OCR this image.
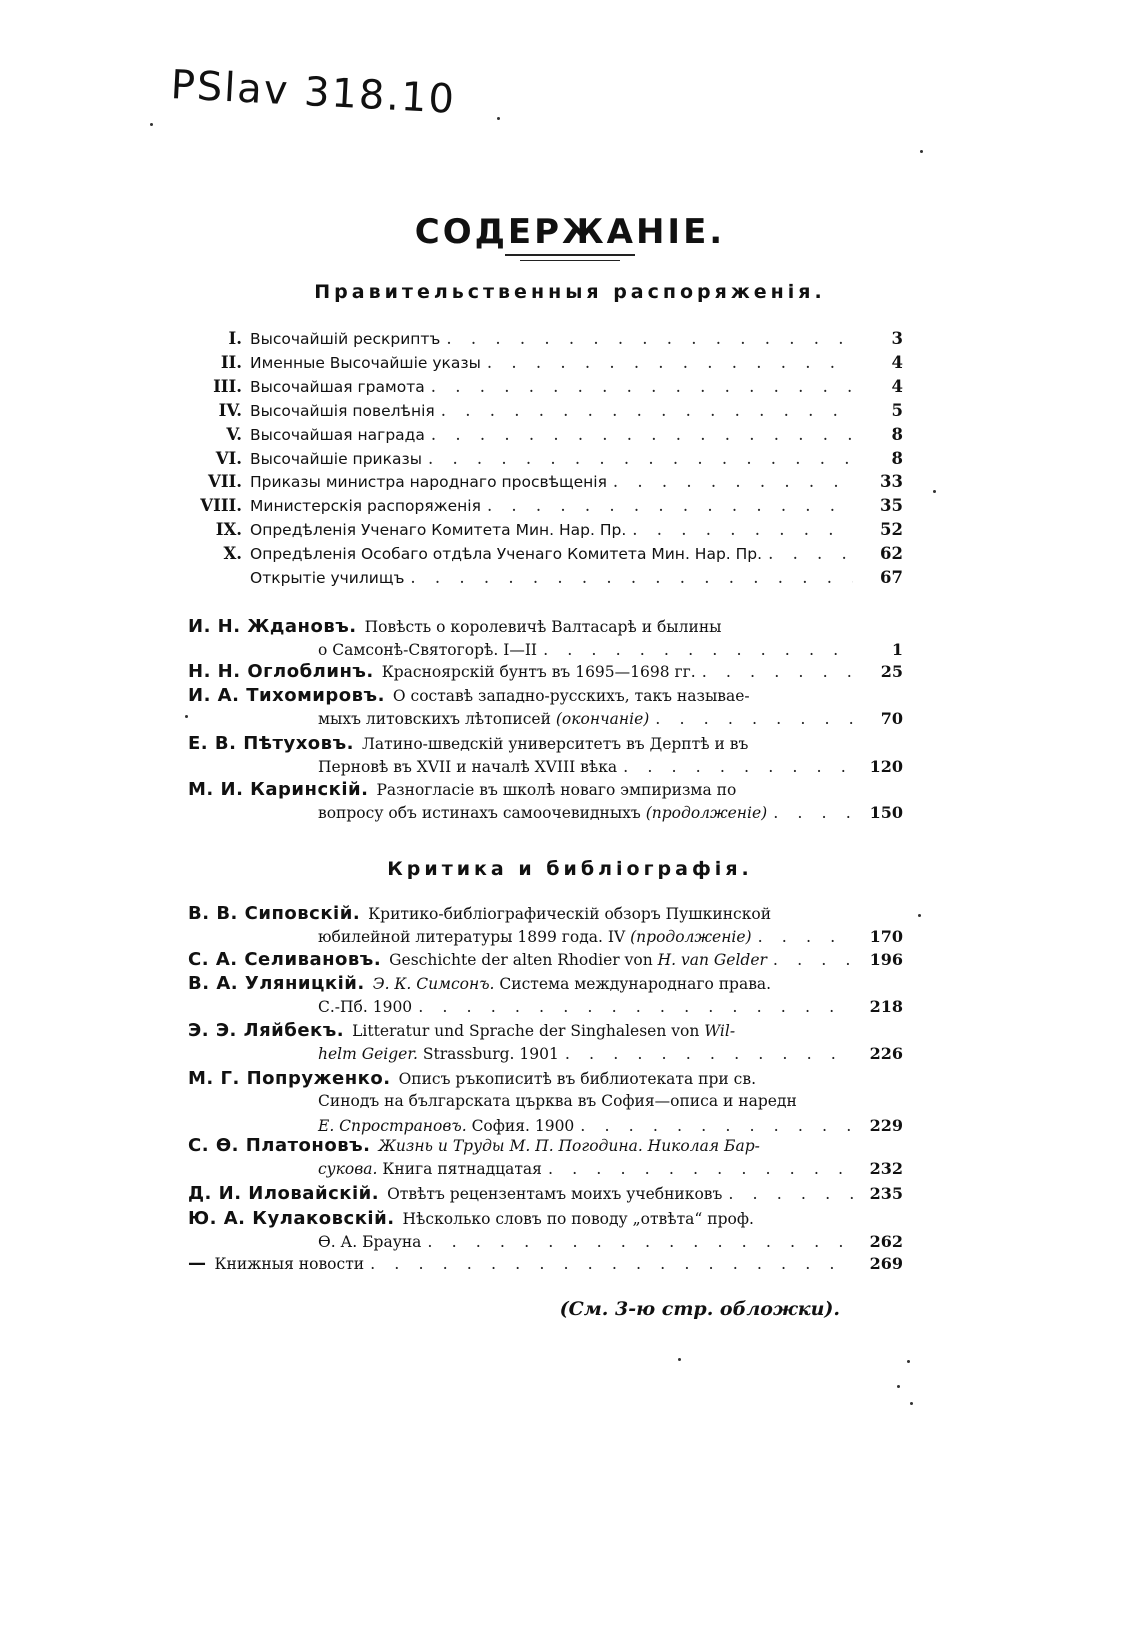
PSlav 318.10
СОДЕРЖАНІЕ.
Правительственныя распоряженія.
I. Высочайшій рескриптъ . . .	3
II. Именные Высочайшіе указы . . .	4
III. Высочайшая грамота . . .	4
IV. Высочайшія повелѣнія . . .	5
V. Высочайшая награда . . .	8
VI. Высочайшіе приказы . . .	8
VII. Приказы министра народнаго просвѣщенія . . .	33
VIII. Министерскія распоряженія . . .	35
IX. Опредѣленія Ученаго Комитета Мин. Нар. Пр. . . .	52
X. Опредѣленія Особаго отдѣла Ученаго Комитета Мин. Нар. Пр. . . .	62
Открытіе училищъ . . .	67
И. Н. Ждановъ. Повѣсть о королевичѣ Валтасарѣ и былины
о Самсонѣ-Святогорѣ. I—II . . .	1
Н. Н. Оглоблинъ. Красноярскій бунтъ въ 1695—1698 гг. . . .	25
И. А. Тихомировъ. О составѣ западно-русскихъ, такъ называе-
мыхъ литовскихъ лѣтописей (окончаніе) . . .	70
Е. В. Пѣтуховъ. Латино-шведскій университетъ въ Дерптѣ и въ
Перновѣ въ XVII и началѣ XVIII вѣка . . .	120
М. И. Каринскій. Разногласіе въ школѣ новаго эмпиризма по
вопросу объ истинахъ самоочевидныхъ (продолженіе) . . .	150
Критика и библіографія.
В. В. Сиповскій. Критико-библіографическій обзоръ Пушкинской
юбилейной литературы 1899 года. IV (продолженіе) . . .	170
С. А. Селивановъ. Geschichte der alten Rhodier von H. van Gelder . . .	196
В. А. Уляницкій. Э. К. Симсонъ. Система международнаго права.
С.-Пб. 1900 . . .	218
Э. Э. Ляйбекъ. Litteratur und Sprache der Singhalesen von Wil-
helm Geiger. Strassburg. 1901 . . .	226
М. Г. Попруженко. Описъ ръкописитѣ въ библиотеката при св.
Синодъ на българската църква въ София—описа и наредн
Е. Спространовъ. София. 1900 . . .	229
С. Ѳ. Платоновъ. Жизнь и Труды М. П. Погодина. Николая Бар-
сукова. Книга пятнадцатая . . .	232
Д. И. Иловайскій. Отвѣтъ рецензентамъ моихъ учебниковъ . . .	235
Ю. А. Кулаковскій. Нѣсколько словъ по поводу „отвѣта“ проф.
Ѳ. А. Брауна . . .	262
— Книжныя новости . . .	269
(См. 3-ю стр. обложки).
